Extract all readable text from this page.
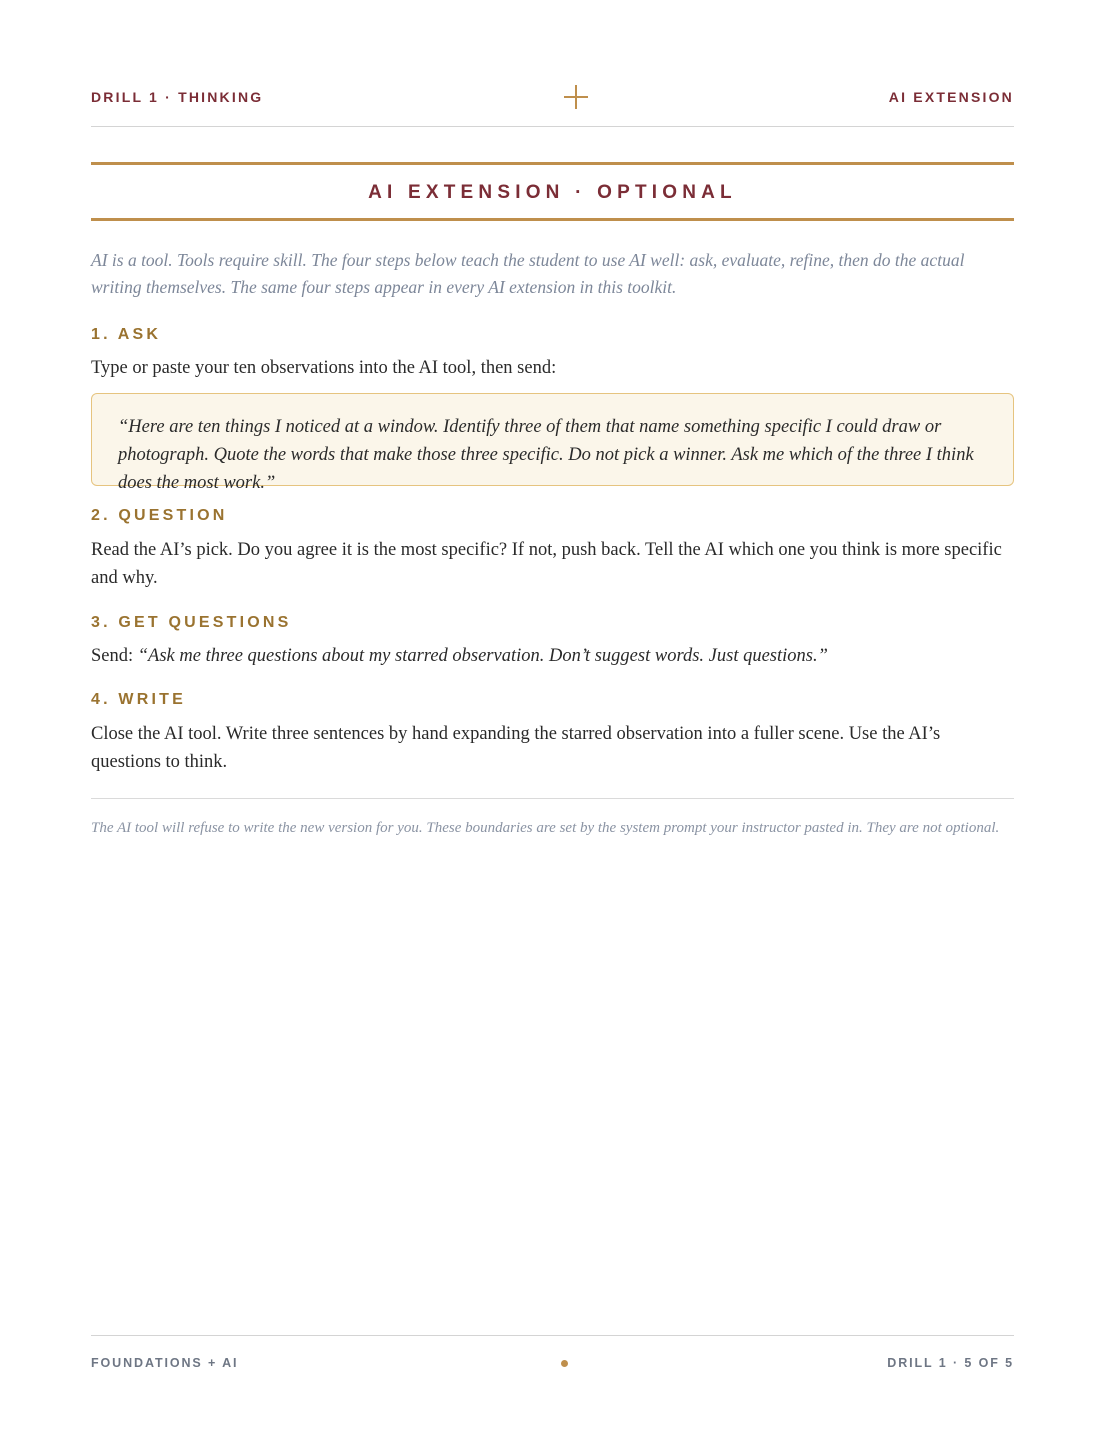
DRILL 1 · THINKING	AI EXTENSION
AI EXTENSION · OPTIONAL

AI is a tool. Tools require skill. The four steps below teach the student to use AI well: ask, evaluate, refine, then do the actual writing themselves. The same four steps appear in every AI extension in this toolkit.

1. ASK

Type or paste your ten observations into the AI tool, then send:

“Here are ten things I noticed at a window. Identify three of them that name something specific I could draw or photograph. Quote the words that make those three specific. Do not pick a winner. Ask me which of the three I think does the most work.”

2. QUESTION

Read the AI’s pick. Do you agree it is the most specific? If not, push back. Tell the AI which one you think is more specific and why.

3. GET QUESTIONS

Send: “Ask me three questions about my starred observation. Don’t suggest words. Just questions.”

4. WRITE

Close the AI tool. Write three sentences by hand expanding the starred observation into a fuller scene. Use the AI’s questions to think.

The AI tool will refuse to write the new version for you. These boundaries are set by the system prompt your instructor pasted in. They are not optional.

FOUNDATIONS + AI	DRILL 1 · 5 OF 5
